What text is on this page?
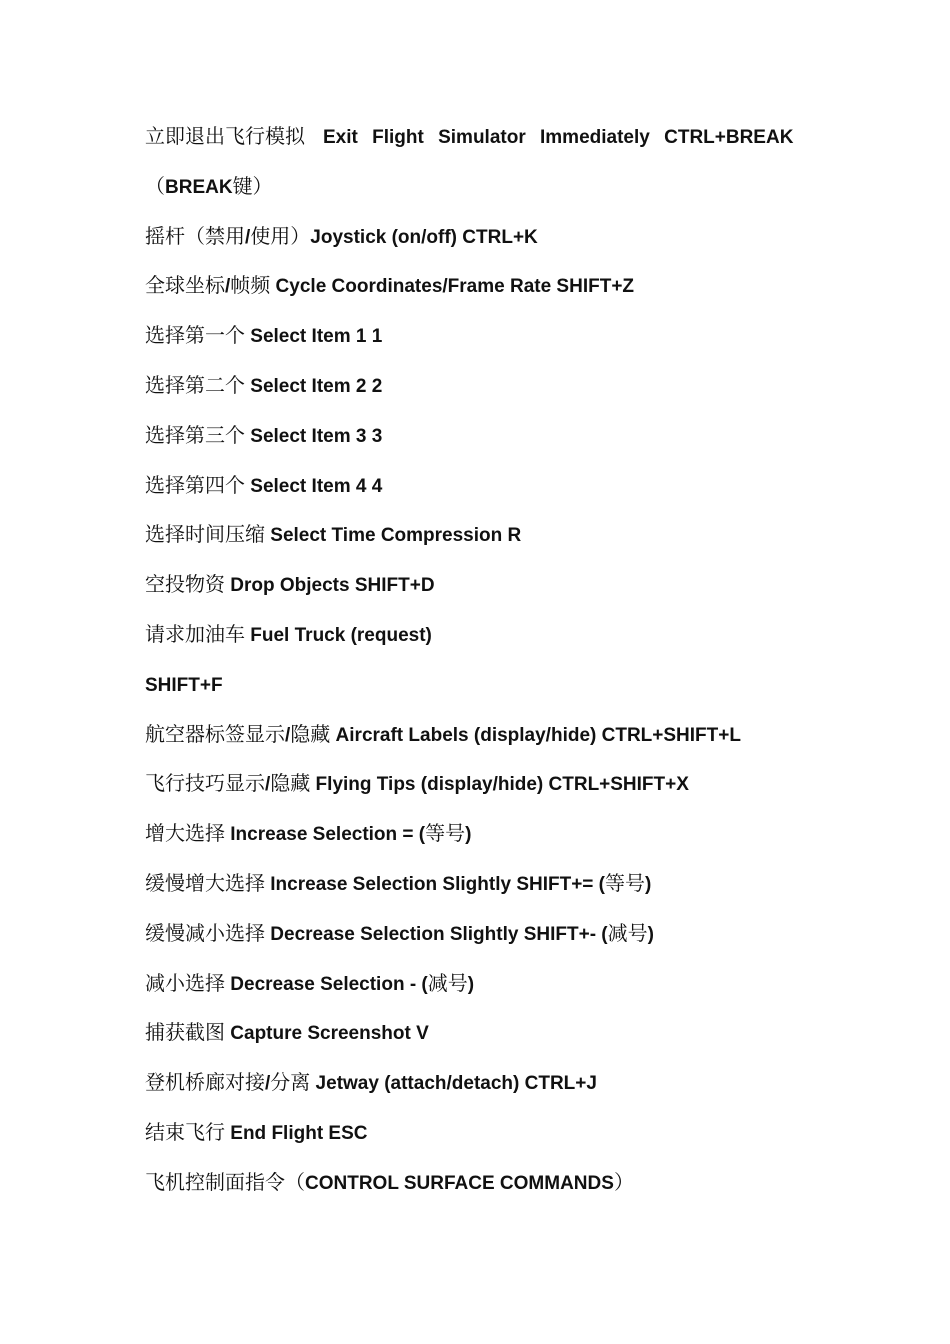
立即退出飞行模拟 Exit Flight Simulator Immediately CTRL+BREAK
（BREAK键）
摇杆（禁用/使用）Joystick (on/off) CTRL+K
全球坐标/帧频 Cycle Coordinates/Frame Rate SHIFT+Z
选择第一个 Select Item 1 1
选择第二个 Select Item 2 2
选择第三个 Select Item 3 3
选择第四个 Select Item 4 4
选择时间压缩 Select Time Compression R
空投物资 Drop Objects SHIFT+D
请求加油车 Fuel Truck (request)
SHIFT+F
航空器标签显示/隐藏 Aircraft Labels (display/hide) CTRL+SHIFT+L
飞行技巧显示/隐藏 Flying Tips (display/hide) CTRL+SHIFT+X
增大选择 Increase Selection = (等号)
缓慢增大选择 Increase Selection Slightly SHIFT+= (等号)
缓慢减小选择 Decrease Selection Slightly SHIFT+- (减号)
减小选择 Decrease Selection - (减号)
捕获截图 Capture Screenshot V
登机桥廊对接/分离 Jetway (attach/detach) CTRL+J
结束飞行 End Flight ESC
飞机控制面指令（CONTROL SURFACE COMMANDS）
